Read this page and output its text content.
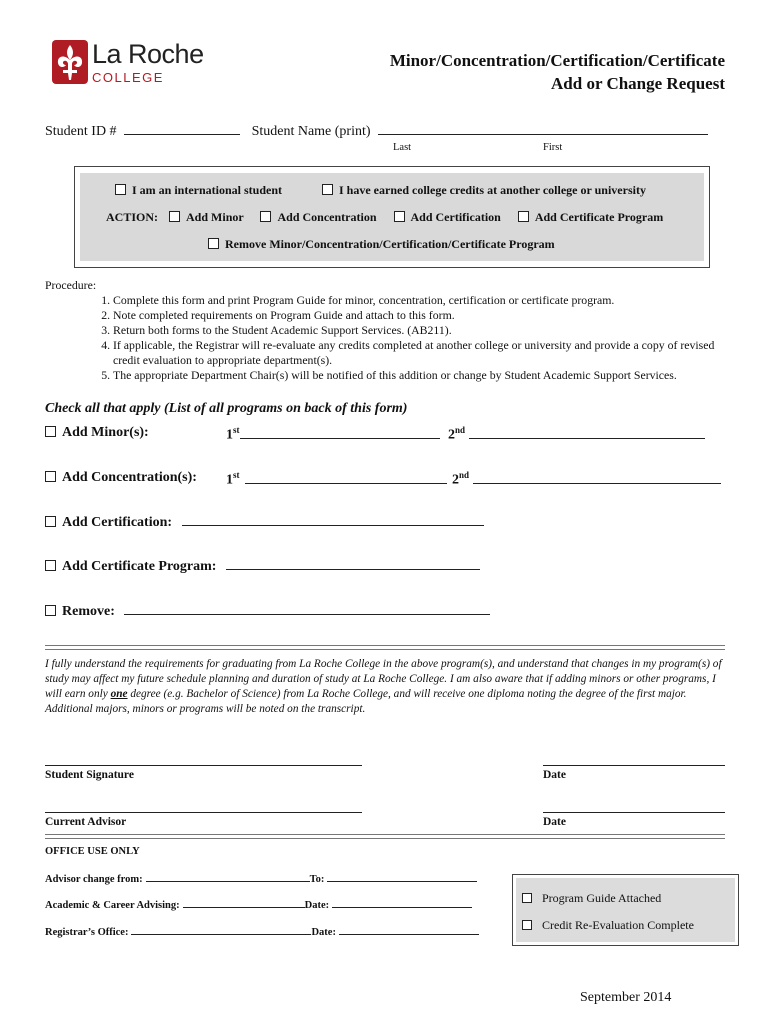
La Roche
COLLEGE
Minor/Concentration/Certification/Certificate
Add or Change Request
Student ID #	Student Name (print)
Last	First
I am an international student	I have earned college credits at another college or university
ACTION: Add Minor	Add Concentration	Add Certification	Add Certificate Program
Remove Minor/Concentration/Certification/Certificate Program
Procedure:
1. Complete this form and print Program Guide for minor, concentration, certification or certificate program.
2. Note completed requirements on Program Guide and attach to this form.
3. Return both forms to the Student Academic Support Services. (AB211).
4. If applicable, the Registrar will re-evaluate any credits completed at another college or university and provide a copy of revised credit evaluation to appropriate department(s).
5. The appropriate Department Chair(s) will be notified of this addition or change by Student Academic Support Services.
Check all that apply (List of all programs on back of this form)
Add Minor(s):	1st	2nd
Add Concentration(s): 1st	2nd
Add Certification:
Add Certificate Program:
Remove:
I fully understand the requirements for graduating from La Roche College in the above program(s), and understand that changes in my program(s) of study may affect my future schedule planning and duration of study at La Roche College. I am also aware that if adding minors or other programs, I will earn only one degree (e.g. Bachelor of Science) from La Roche College, and will receive one diploma noting the degree of the first major. Additional majors, minors or programs will be noted on the transcript.
Student Signature	Date
Current Advisor	Date
OFFICE USE ONLY
Advisor change from:	To:
Academic & Career Advising:	Date:
Registrar’s Office:	Date:
Program Guide Attached
Credit Re-Evaluation Complete
September 2014
